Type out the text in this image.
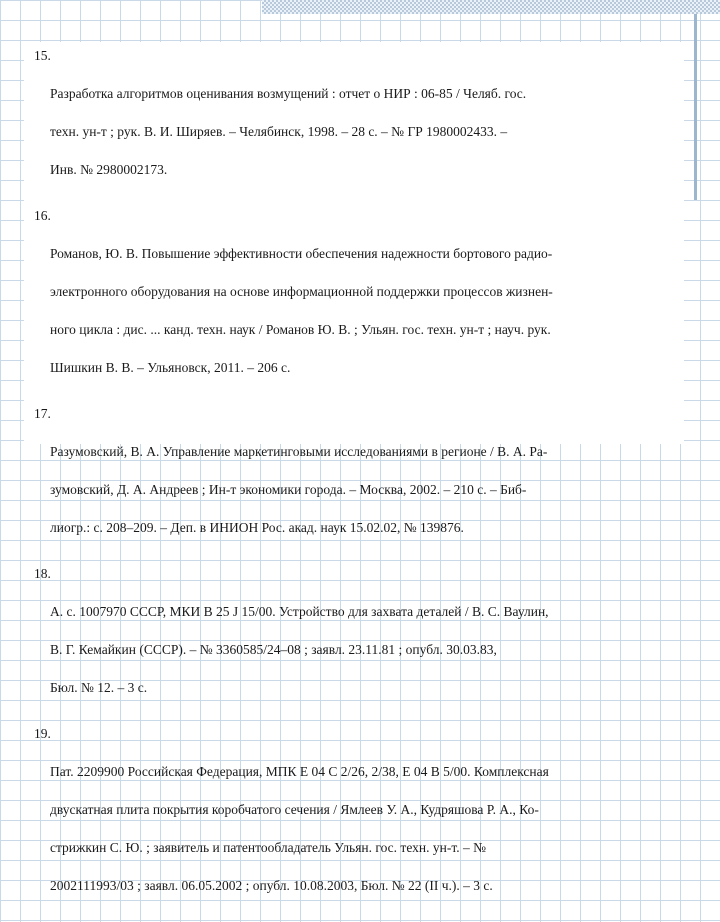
15.

Разработка алгоритмов оценивания возмущений : отчет о НИР : 06-85 / Челяб. гос.

техн. ун-т ; рук. В. И. Ширяев. – Челябинск, 1998. – 28 с. – № ГР 1980002433. –

Инв. № 2980002173.

16.

Романов, Ю. В. Повышение эффективности обеспечения надежности бортового радио-

электронного оборудования на основе информационной поддержки процессов жизнен-

ного цикла : дис. ... канд. техн. наук / Романов Ю. В. ; Ульян. гос. техн. ун-т ; науч. рук.

Шишкин В. В. – Ульяновск, 2011. – 206 с.

17.

Разумовский, В. А. Управление маркетинговыми исследованиями в регионе / В. А. Ра-

зумовский, Д. А. Андреев ; Ин-т экономики города. – Москва, 2002. – 210 с. – Биб-

лиогр.: с. 208–209. – Деп. в ИНИОН Рос. акад. наук 15.02.02, № 139876.

18.

А. с. 1007970 СССР, МКИ В 25 J 15/00. Устройство для захвата деталей / В. С. Ваулин,

В. Г. Кемайкин (СССР). – № 3360585/24–08 ; заявл. 23.11.81 ; опубл. 30.03.83,

Бюл. № 12. – 3 с.

19.

Пат. 2209900 Российская Федерация, МПК Е 04 С 2/26, 2/38, Е 04 В 5/00. Комплексная

двускатная плита покрытия коробчатого сечения / Ямлеев У. А., Кудряшова Р. А., Ко-

стрижкин С. Ю. ; заявитель и патентообладатель Ульян. гос. техн. ун-т. – №

2002111993/03 ; заявл. 06.05.2002 ; опубл. 10.08.2003, Бюл. № 22 (II ч.). – 3 с.
